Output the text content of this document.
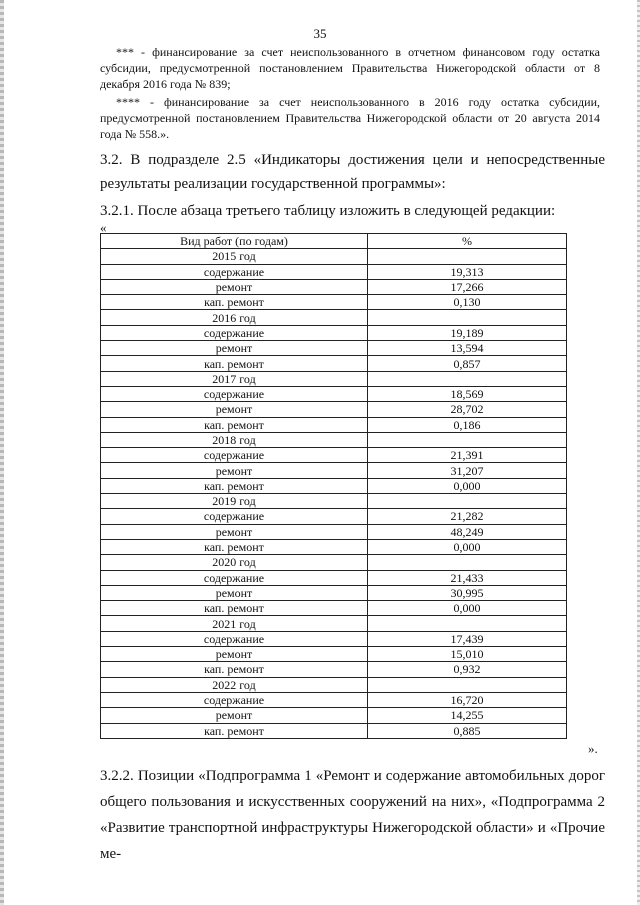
35

*** - финансирование за счет неиспользованного в отчетном финансовом году остатка субсидии, предусмотренной постановлением Правительства Нижегородской области от 8 декабря 2016 года № 839;

**** - финансирование за счет неиспользованного в 2016 году остатка субсидии, предусмотренной постановлением Правительства Нижегородской области от 20 августа 2014 года № 558.».

3.2. В подразделе 2.5 «Индикаторы достижения цели и непосредственные результаты реализации государственной программы»:

3.2.1. После абзаца третьего таблицу изложить в следующей редакции:

«
Вид работ (по годам)	%
2015 год	
содержание	19,313
ремонт	17,266
кап. ремонт	0,130
2016 год	
содержание	19,189
ремонт	13,594
кап. ремонт	0,857
2017 год	
содержание	18,569
ремонт	28,702
кап. ремонт	0,186
2018 год	
содержание	21,391
ремонт	31,207
кап. ремонт	0,000
2019 год	
содержание	21,282
ремонт	48,249
кап. ремонт	0,000
2020 год	
содержание	21,433
ремонт	30,995
кап. ремонт	0,000
2021 год	
содержание	17,439
ремонт	15,010
кап. ремонт	0,932
2022 год	
содержание	16,720
ремонт	14,255
кап. ремонт	0,885
».

3.2.2. Позиции «Подпрограмма 1 «Ремонт и содержание автомобильных дорог общего пользования и искусственных сооружений на них», «Подпрограмма 2 «Развитие транспортной инфраструктуры Нижегородской области» и «Прочие ме-
